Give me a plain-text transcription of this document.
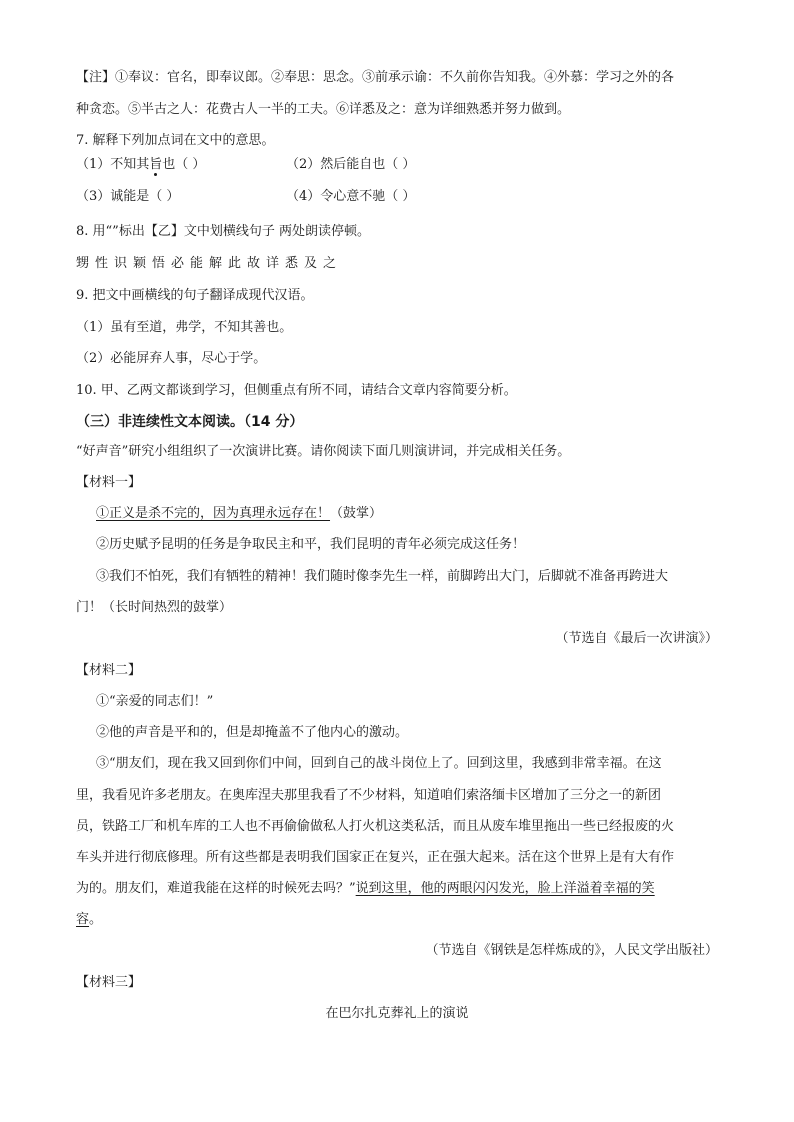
【注】①奉议：官名，即奉议郎。②奉思：思念。③前承示谕：不久前你告知我。④外慕：学习之外的各
种贪恋。⑤半古之人：花费古人一半的工夫。⑥详悉及之：意为详细熟悉并努力做到。
7. 解释下列加点词在文中的意思。
（1）不知其旨也（ ）	（2）然后能自也（ ）
（3）诚能是（ ）	（4）令心意不驰（ ）
8. 用“”标出【乙】文中划横线句子 两处朗读停顿。
甥性识颖悟必能解此故详悉及之
9. 把文中画横线的句子翻译成现代汉语。
（1）虽有至道，弗学，不知其善也。
（2）必能屏弃人事，尽心于学。
10. 甲、乙两文都谈到学习，但侧重点有所不同，请结合文章内容简要分析。
（三）非连续性文本阅读。（14 分）
“好声音”研究小组组织了一次演讲比赛。请你阅读下面几则演讲词，并完成相关任务。
【材料一】
①正义是杀不完的，因为真理永远存在！（鼓掌）
②历史赋予昆明的任务是争取民主和平，我们昆明的青年必须完成这任务！
③我们不怕死，我们有牺牲的精神！我们随时像李先生一样，前脚跨出大门，后脚就不准备再跨进大
门！（长时间热烈的鼓掌）
（节选自《最后一次讲演》）
【材料二】
①“亲爱的同志们！”
②他的声音是平和的，但是却掩盖不了他内心的激动。
③“朋友们，现在我又回到你们中间，回到自己的战斗岗位上了。回到这里，我感到非常幸福。在这
里，我看见许多老朋友。在奥库涅夫那里我看了不少材料，知道咱们索洛缅卡区增加了三分之一的新团
员，铁路工厂和机车库的工人也不再偷偷做私人打火机这类私活，而且从废车堆里拖出一些已经报废的火
车头并进行彻底修理。所有这些都是表明我们国家正在复兴，正在强大起来。活在这个世界上是有大有作
为的。朋友们，难道我能在这样的时候死去吗？”说到这里，他的两眼闪闪发光，脸上洋溢着幸福的笑
容。
（节选自《钢铁是怎样炼成的》，人民文学出版社）
【材料三】
在巴尔扎克葬礼上的演说
